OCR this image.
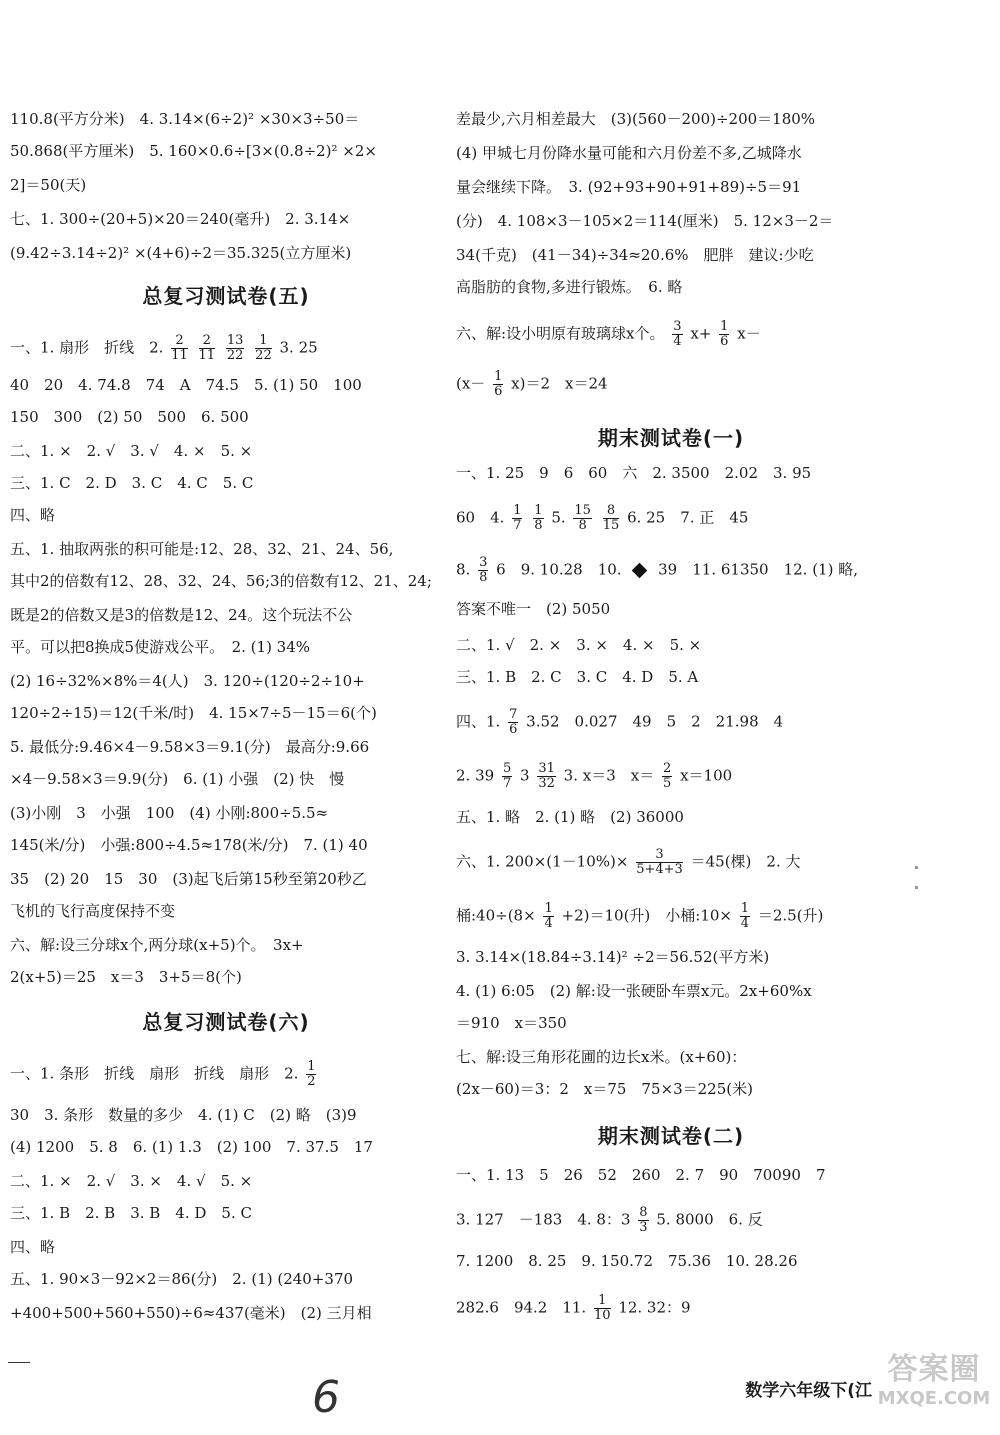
110.8(平方分米)　4. 3.14×(6÷2)² ×30×3÷50＝
50.868(平方厘米)　5. 160×0.6÷[3×(0.8÷2)² ×2×
2]＝50(天)
七、1. 300÷(20+5)×20＝240(毫升)　2. 3.14×
(9.42÷3.14÷2)² ×(4+6)÷2＝35.325(立方厘米)
总复习测试卷(五)
一、1. 扇形　折线　2. $\frac{2}{11}$
$\frac{2}{11}$
$\frac{13}{22}$
$\frac{1}{22} 3$. 25
40　20　4. 74.8　74　A　74.5　5. (1) 50　100
150　300　(2) 50　500　6. 500
二、1. ×　2. √　3. √　4. ×　5. ×
三、1. C　2. D　3. C　4. C　5. C
四、略
五、1. 抽取两张的积可能是:12、28、32、21、24、56,
其中2的倍数有12、28、32、24、56;3的倍数有12、21、24;
既是2的倍数又是3的倍数是12、24。这个玩法不公
平。可以把8换成5使游戏公平。　2. (1) 34%
(2) 16÷32%×8%＝4(人)　3. 120÷(120÷2÷10+
120÷2÷15)＝12(千米/时)　4. 15×7÷5－15＝6(个)
5. 最低分:9.46×4－9.58×3＝9.1(分)　最高分:9.66
×4－9.58×3＝9.9(分)　6. (1) 小强　(2) 快　慢
(3)小刚　3　小强　100　(4) 小刚:800÷5.5≈
145(米/分)　小强:800÷4.5≈178(米/分)　7. (1) 40
35　(2) 20　15　30　(3)起飞后第15秒至第20秒乙
飞机的飞行高度保持不变
六、解:设三分球x个,两分球(x+5)个。　3x+
2(x+5)＝25　x＝3　3+5＝8(个)
总复习测试卷(六)
一、1. 条形　折线　扇形　折线　扇形　2. $\frac{1}{2}$
30　3. 条形　数量的多少　4. (1) C　(2) 略　(3)9
(4) 1200　5. 8　6. (1) 1.3　(2) 100　7. 37.5　17
二、1. ×　2. √　3. ×　4. √　5. ×
三、1. B　2. B　3. B　4. D　5. C
四、略
五、1. 90×3－92×2＝86(分)　2. (1) (240+370
+400+500+560+550)÷6≈437(毫米)　(2) 三月相
差最少,六月相差最大　(3)(560－200)÷200＝180%
(4) 甲城七月份降水量可能和六月份差不多,乙城降水
量会继续下降。　3. (92+93+90+91+89)÷5＝91
(分)　4. 108×3－105×2＝114(厘米)　5. 12×3－2＝
34(千克)　(41－34)÷34≈20.6%　肥胖　建议:少吃
高脂肪的食物,多进行锻炼。　6. 略
六、解:设小明原有玻璃球x个。 $\frac{3}{4} x+ \frac{1}{6} x-$
$(x- \frac{1}{6} x)=2$　x＝24
期末测试卷(一)
一、1. 25　9　6　60　六　2. 3500　2.02　3. 95
60　4. $\frac{1}{7}$
$\frac{1}{8} 5$. $\frac{15}{8}$
$\frac{8}{15} 6$. 25　7. 正　45
8. $\frac{3}{8} 6$　9. 10.28　10. 39　11. 61350　12. (1) 略,
答案不唯一　(2) 5050
二、1. √　2. ×　3. ×　4. ×　5. ×
三、1. B　2. C　3. C　4. D　5. A
四、1. $\frac{7}{6} 3.52$　0.027　49　5　2　21.98　4
2. $39 \frac{5}{7} 3 \frac{31}{32} 3$. x＝3　$x= \frac{2}{5} x=100$
五、1. 略　2. (1) 略　(2) 36000
六、1. $200\times(1-10\%)\times \frac{3}{5+4+3} =45$(棵)　2. 大
桶:40÷(8× $\frac{1}{4} +2)=10$(升)　小桶:10× $\frac{1}{4} =2.5$(升)
3. 3.14×(18.84÷3.14)² ÷2＝56.52(平方米)
4. (1) 6:05　(2) 解:设一张硬卧车票x元。2x+60%x
＝910　x＝350
七、解:设三角形花圃的边长x米。(x+60)：
(2x－60)＝3：2　x＝75　75×3＝225(米)
期末测试卷(二)
一、1. 13　5　26　52　260　2. 7　90　70090　7
3. 127　－183　4. 8：$3 \frac{8}{3} 5$. 8000　6. 反
7. 1200　8. 25　9. 150.72　75.36　10. 28.26
282.6　94.2　11. $\frac{1}{10} 12$. 32：9
6	数学六年级下(江
答案圈
MXQE.COM
